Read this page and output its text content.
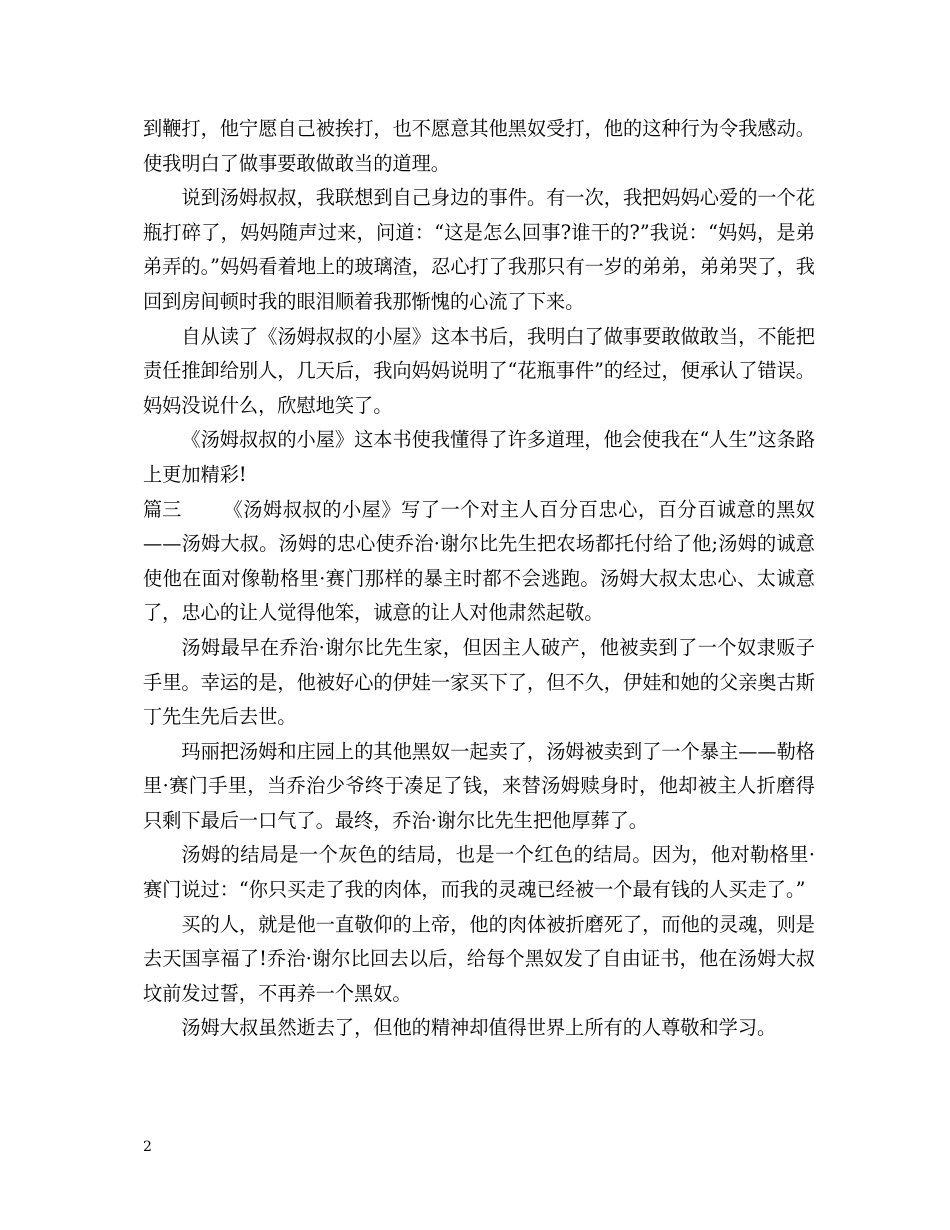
到鞭打，他宁愿自己被挨打，也不愿意其他黑奴受打，他的这种行为令我感动。使我明白了做事要敢做敢当的道理。

说到汤姆叔叔，我联想到自己身边的事件。有一次，我把妈妈心爱的一个花瓶打碎了，妈妈随声过来，问道：“这是怎么回事?谁干的?”我说：“妈妈，是弟弟弄的。”妈妈看着地上的玻璃渣，忍心打了我那只有一岁的弟弟，弟弟哭了，我回到房间顿时我的眼泪顺着我那惭愧的心流了下来。

自从读了《汤姆叔叔的小屋》这本书后，我明白了做事要敢做敢当，不能把责任推卸给别人，几天后，我向妈妈说明了“花瓶事件”的经过，便承认了错误。妈妈没说什么，欣慰地笑了。

《汤姆叔叔的小屋》这本书使我懂得了许多道理，他会使我在“人生”这条路上更加精彩!

篇三 《汤姆叔叔的小屋》写了一个对主人百分百忠心，百分百诚意的黑奴——汤姆大叔。汤姆的忠心使乔治·谢尔比先生把农场都托付给了他;汤姆的诚意使他在面对像勒格里·赛门那样的暴主时都不会逃跑。汤姆大叔太忠心、太诚意了，忠心的让人觉得他笨，诚意的让人对他肃然起敬。

汤姆最早在乔治·谢尔比先生家，但因主人破产，他被卖到了一个奴隶贩子手里。幸运的是，他被好心的伊娃一家买下了，但不久，伊娃和她的父亲奥古斯丁先生先后去世。

玛丽把汤姆和庄园上的其他黑奴一起卖了，汤姆被卖到了一个暴主——勒格里·赛门手里，当乔治少爷终于凑足了钱，来替汤姆赎身时，他却被主人折磨得只剩下最后一口气了。最终，乔治·谢尔比先生把他厚葬了。

汤姆的结局是一个灰色的结局，也是一个红色的结局。因为，他对勒格里·赛门说过：“你只买走了我的肉体，而我的灵魂已经被一个最有钱的人买走了。”

买的人，就是他一直敬仰的上帝，他的肉体被折磨死了，而他的灵魂，则是去天国享福了!乔治·谢尔比回去以后，给每个黑奴发了自由证书，他在汤姆大叔坟前发过誓，不再养一个黑奴。

汤姆大叔虽然逝去了，但他的精神却值得世界上所有的人尊敬和学习。

2
